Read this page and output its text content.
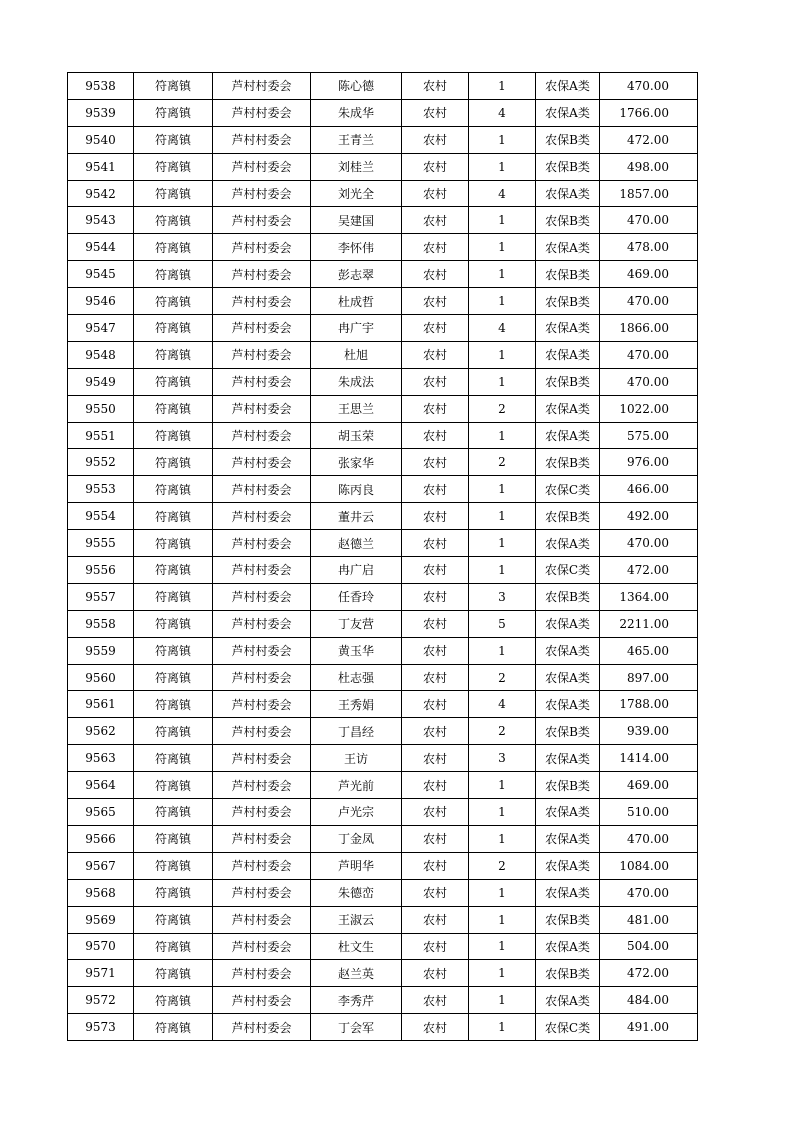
9538	符离镇	芦村村委会	陈心德	农村	1	农保A类	470.00
9539	符离镇	芦村村委会	朱成华	农村	4	农保A类	1766.00
9540	符离镇	芦村村委会	王青兰	农村	1	农保B类	472.00
9541	符离镇	芦村村委会	刘桂兰	农村	1	农保B类	498.00
9542	符离镇	芦村村委会	刘光全	农村	4	农保A类	1857.00
9543	符离镇	芦村村委会	吴建国	农村	1	农保B类	470.00
9544	符离镇	芦村村委会	李怀伟	农村	1	农保A类	478.00
9545	符离镇	芦村村委会	彭志翠	农村	1	农保B类	469.00
9546	符离镇	芦村村委会	杜成哲	农村	1	农保B类	470.00
9547	符离镇	芦村村委会	冉广宇	农村	4	农保A类	1866.00
9548	符离镇	芦村村委会	杜旭	农村	1	农保A类	470.00
9549	符离镇	芦村村委会	朱成法	农村	1	农保B类	470.00
9550	符离镇	芦村村委会	王思兰	农村	2	农保A类	1022.00
9551	符离镇	芦村村委会	胡玉荣	农村	1	农保A类	575.00
9552	符离镇	芦村村委会	张家华	农村	2	农保B类	976.00
9553	符离镇	芦村村委会	陈丙良	农村	1	农保C类	466.00
9554	符离镇	芦村村委会	董井云	农村	1	农保B类	492.00
9555	符离镇	芦村村委会	赵德兰	农村	1	农保A类	470.00
9556	符离镇	芦村村委会	冉广启	农村	1	农保C类	472.00
9557	符离镇	芦村村委会	任香玲	农村	3	农保B类	1364.00
9558	符离镇	芦村村委会	丁友营	农村	5	农保A类	2211.00
9559	符离镇	芦村村委会	黄玉华	农村	1	农保A类	465.00
9560	符离镇	芦村村委会	杜志强	农村	2	农保A类	897.00
9561	符离镇	芦村村委会	王秀娟	农村	4	农保A类	1788.00
9562	符离镇	芦村村委会	丁昌经	农村	2	农保B类	939.00
9563	符离镇	芦村村委会	王访	农村	3	农保A类	1414.00
9564	符离镇	芦村村委会	芦光前	农村	1	农保B类	469.00
9565	符离镇	芦村村委会	卢光宗	农村	1	农保A类	510.00
9566	符离镇	芦村村委会	丁金凤	农村	1	农保A类	470.00
9567	符离镇	芦村村委会	芦明华	农村	2	农保A类	1084.00
9568	符离镇	芦村村委会	朱德峦	农村	1	农保A类	470.00
9569	符离镇	芦村村委会	王淑云	农村	1	农保B类	481.00
9570	符离镇	芦村村委会	杜文生	农村	1	农保A类	504.00
9571	符离镇	芦村村委会	赵兰英	农村	1	农保B类	472.00
9572	符离镇	芦村村委会	李秀芹	农村	1	农保A类	484.00
9573	符离镇	芦村村委会	丁会军	农村	1	农保C类	491.00
